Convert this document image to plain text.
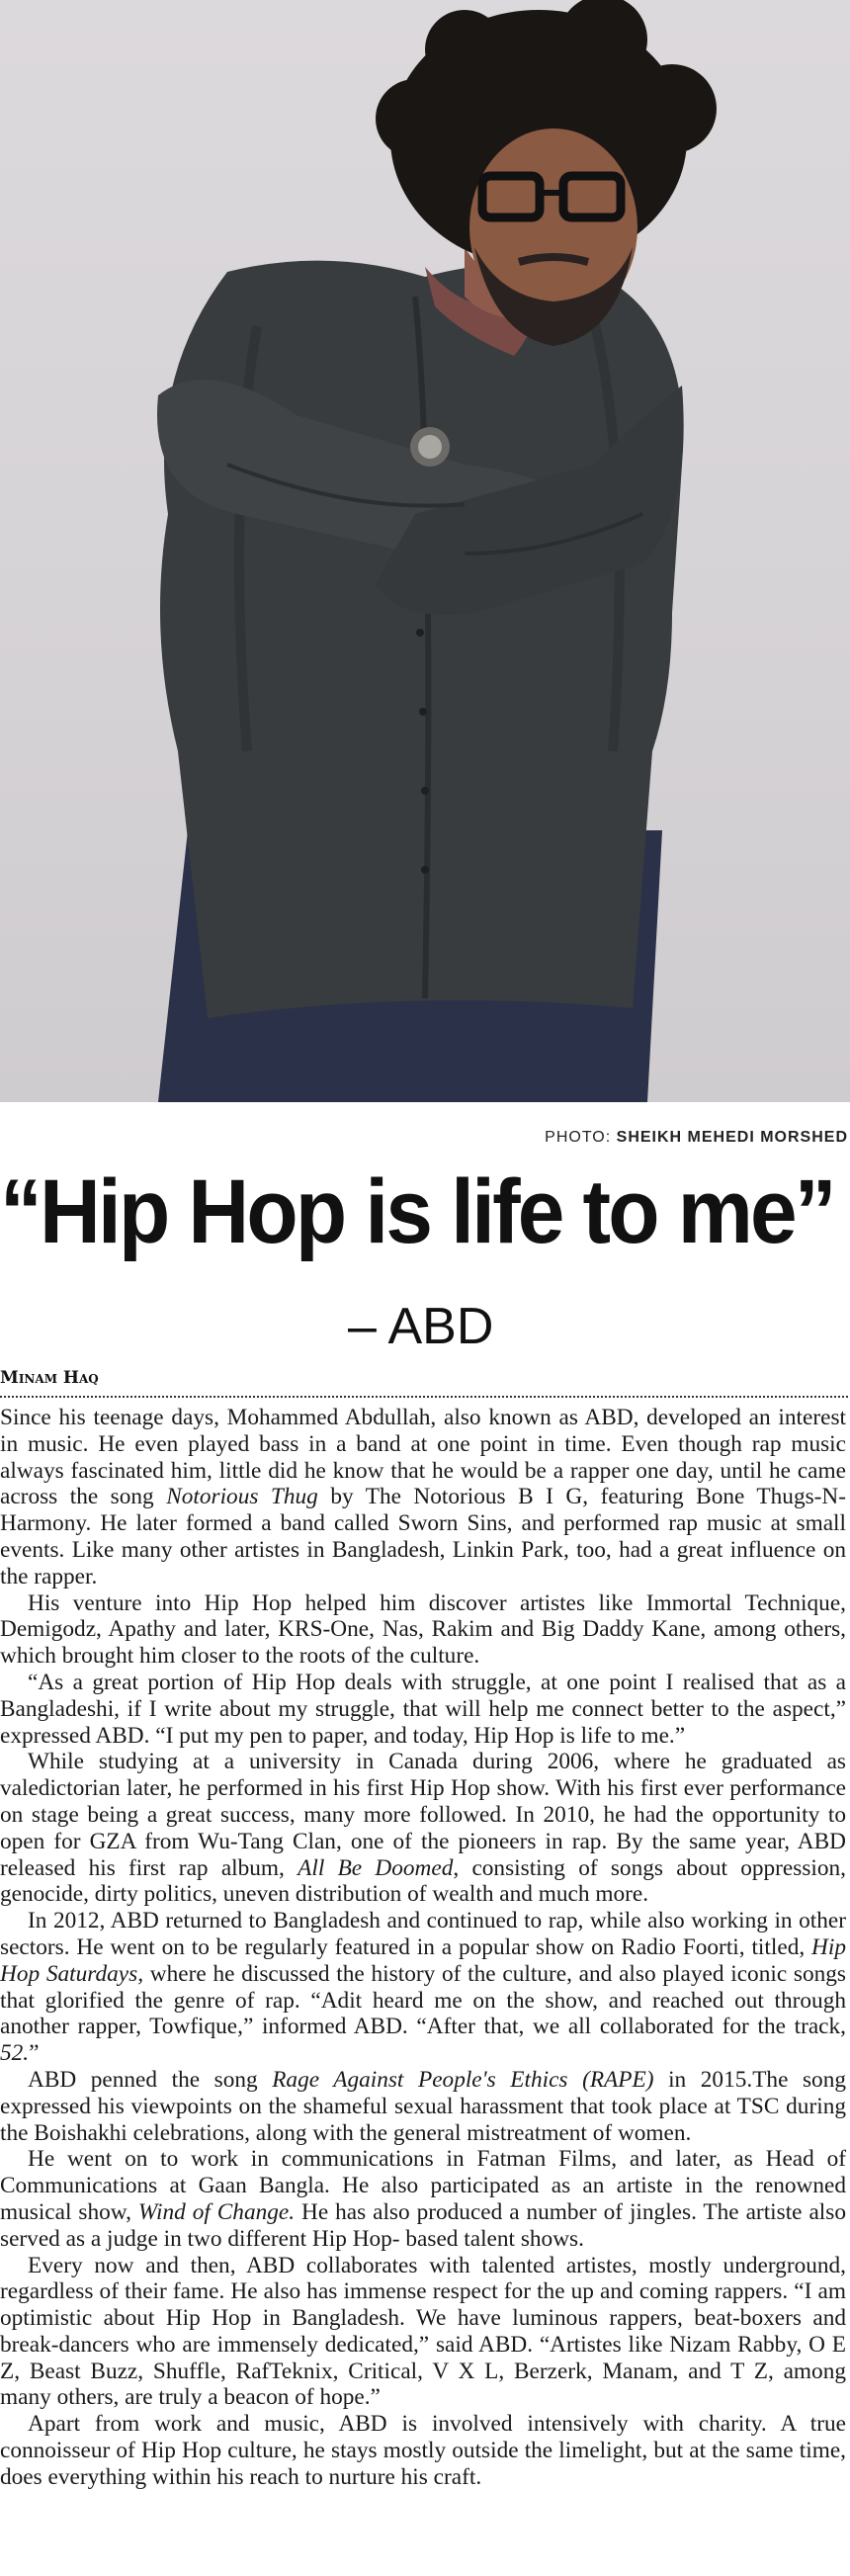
PHOTO: SHEIKH MEHEDI MORSHED
“Hip Hop is life to me”
– ABD
Minam Haq

Since his teenage days, Mohammed Abdullah, also known as ABD, developed an interest in music. He even played bass in a band at one point in time. Even though rap music always fascinated him, little did he know that he would be a rapper one day, until he came across the song Notorious Thug by The Notorious B I G, featuring Bone Thugs-N-Harmony. He later formed a band called Sworn Sins, and performed rap music at small events. Like many other artistes in Bangladesh, Linkin Park, too, had a great influence on the rapper.

His venture into Hip Hop helped him discover artistes like Immortal Technique, Demigodz, Apathy and later, KRS-One, Nas, Rakim and Big Daddy Kane, among others, which brought him closer to the roots of the culture.

“As a great portion of Hip Hop deals with struggle, at one point I realised that as a Bangladeshi, if I write about my struggle, that will help me connect better to the aspect,” expressed ABD. “I put my pen to paper, and today, Hip Hop is life to me.”

While studying at a university in Canada during 2006, where he graduated as valedictorian later, he performed in his first Hip Hop show. With his first ever performance on stage being a great success, many more followed. In 2010, he had the opportunity to open for GZA from Wu-Tang Clan, one of the pioneers in rap. By the same year, ABD released his first rap album, All Be Doomed, consisting of songs about oppression, genocide, dirty politics, uneven distribution of wealth and much more.

In 2012, ABD returned to Bangladesh and continued to rap, while also working in other sectors. He went on to be regularly featured in a popular show on Radio Foorti, titled, Hip Hop Saturdays, where he discussed the history of the culture, and also played iconic songs that glorified the genre of rap. “Adit heard me on the show, and reached out through another rapper, Towfique,” informed ABD. “After that, we all collaborated for the track, 52.”

ABD penned the song Rage Against People's Ethics (RAPE) in 2015.The song expressed his viewpoints on the shameful sexual harassment that took place at TSC during the Boishakhi celebrations, along with the general mistreatment of women.

He went on to work in communications in Fatman Films, and later, as Head of Communications at Gaan Bangla. He also participated as an artiste in the renowned musical show, Wind of Change. He has also produced a number of jingles. The artiste also served as a judge in two different Hip Hop- based talent shows.

Every now and then, ABD collaborates with talented artistes, mostly underground, regardless of their fame. He also has immense respect for the up and coming rappers. “I am optimistic about Hip Hop in Bangladesh. We have luminous rappers, beat-boxers and break-dancers who are immensely dedicated,” said ABD. “Artistes like Nizam Rabby, O E Z, Beast Buzz, Shuffle, RafTeknix, Critical, V X L, Berzerk, Manam, and T Z, among many others, are truly a beacon of hope.”

Apart from work and music, ABD is involved intensively with charity. A true connoisseur of Hip Hop culture, he stays mostly outside the limelight, but at the same time, does everything within his reach to nurture his craft.
